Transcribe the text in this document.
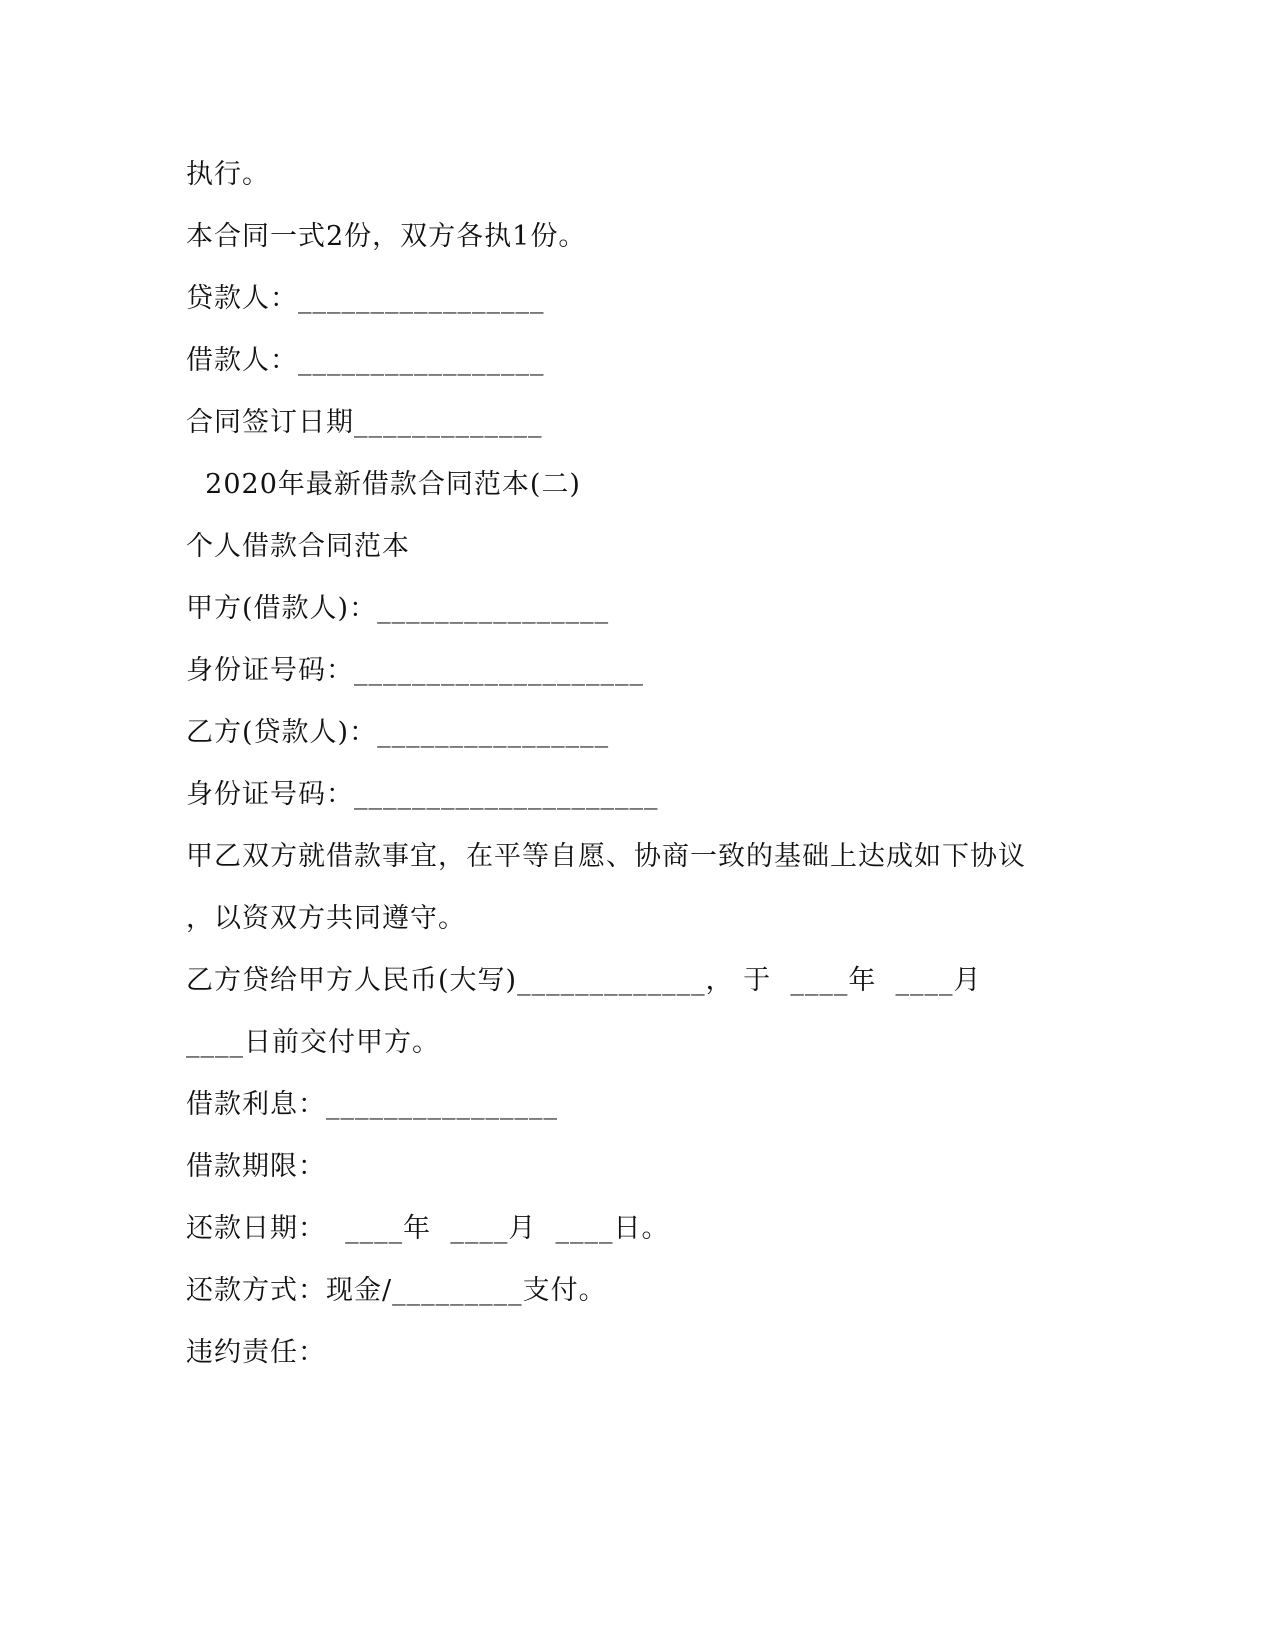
执行。
本合同一式2份，双方各执1份。
贷款人：_________________
借款人：_________________
合同签订日期_____________
2020年最新借款合同范本(二)
个人借款合同范本
甲方(借款人)：________________
身份证号码：____________________
乙方(贷款人)：________________
身份证号码：_____________________
甲乙双方就借款事宜，在平等自愿、协商一致的基础上达成如下协议
，以资双方共同遵守。
乙方贷给甲方人民币(大写)_____________， 于  ____年  ____月
____日前交付甲方。
借款利息：________________
借款期限：
还款日期：  ____年  ____月  ____日。
还款方式：现金/_________支付。
违约责任：
